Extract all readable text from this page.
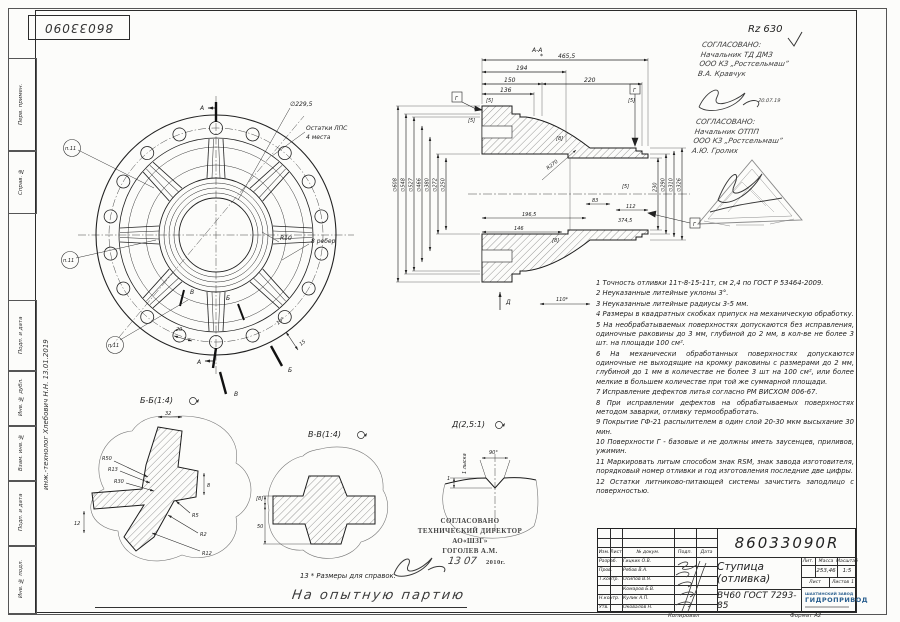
Перв. примен.
Справ. №
Подп. и дата
Инв. № дубл.
Взам. инв. №
Подп. и дата
Инв. № подл.
инж.-технолог Хлебович Н.Н. 13.01.2019
86033090	Rz 630
СОГЛАСОВАНО:
Начальник ТД ДМЗ
ООО КЗ „Ростсельмаш”
В.А. Кравчук
20.07.19
СОГЛАСОВАНО:
Начальник ОТПП
ООО КЗ „Ростсельмаш”
А.Ю. Гролих
А
А
В
Б
В
Б
∅229,5
Остатки ЛПС
4 места
8 ребер
R10
п.11
п.11
п.11
20
15
10°
А-А
*	465,5
194
150	220
136
[5]
[5]
[8]
[5]
[5]
R270
∅608 ∅548 ∅527 ∅466 ∅380 ∅272 ∅250
196,5
146
83
112
374,5
[8]
230 ∅290 ∅310 ∅326
Г
Г
Г
Д	110*

1 Точность отливки 11т-8-15-11т, см 2,4 по ГОСТ Р 53464-2009.

2 Неуказанные литейные уклоны 3°.

3 Неуказанные литейные радиусы 3-5 мм.

4 Размеры в квадратных скобках припуск на механическую обработку.

5 На необрабатываемых поверхностях допускаются без исправления, одиночные раковины до 3 мм, глубиной до 2 мм, в кол-ве не более 3 шт. на площади 100 см².

6 На механически обработанных поверхностях допускаются одиночные не выходящие на кромку раковины с размерами до 2 мм, глубиной до 1 мм в количестве не более 3 шт на 100 см², или более мелкие в большем количестве при той же суммарной площади.

7 Исправление дефектов литья согласно РМ ВИСХОМ 006-67.

8 При исправлении дефектов на обрабатываемых поверхностях методом заварки, отливку термообработать.

9 Покрытие ГФ-21 распылителем в один слой 20-30 мкм высыхание 30 мин.

10 Поверхности Г - базовые и не должны иметь заусенцев, приливов, ужимин.

11 Маркировать литым способом знак RSM, знак завода изготовителя, порядковый номер отливки и год изготовления последние две цифры.

12 Остатки литниково-питающей системы зачистить заподлицо с поверхностью.

Б-Б(1:4)
32
R50
R13
R30
R5
R2
R12
8
12
В-В(1:4)
[8]
50
Д(2,5:1)
90°
1 лыска
1
СОГЛАСОВАНО
ТЕХНИЧЕСКИЙ ДИРЕКТОР
АО«ШЗГ»
ГОГОЛЕВ А.М.
13 07 2010г.
13 * Размеры для справок.
На опытную партию
Изм. Лист	№ докум.	Подп.	Дата
Разраб.	Гицких О.В.
Пров.	Рябов В.А.
Т.контр. Осипов В.Я.
Комаров Б.В.
Н.контр. Кулик А.П.
Утв.	Оковалов Н.
86033090R
Ступица (отливка)
ВЧ60 ГОСТ 7293-85
Лит.	Масса Масштаб
253,46	1:5
Лист	Листов 1
ШАХТИНСКИЙ ЗАВОД
ГИДРОПРИВОД
Копировал	Формат А2
